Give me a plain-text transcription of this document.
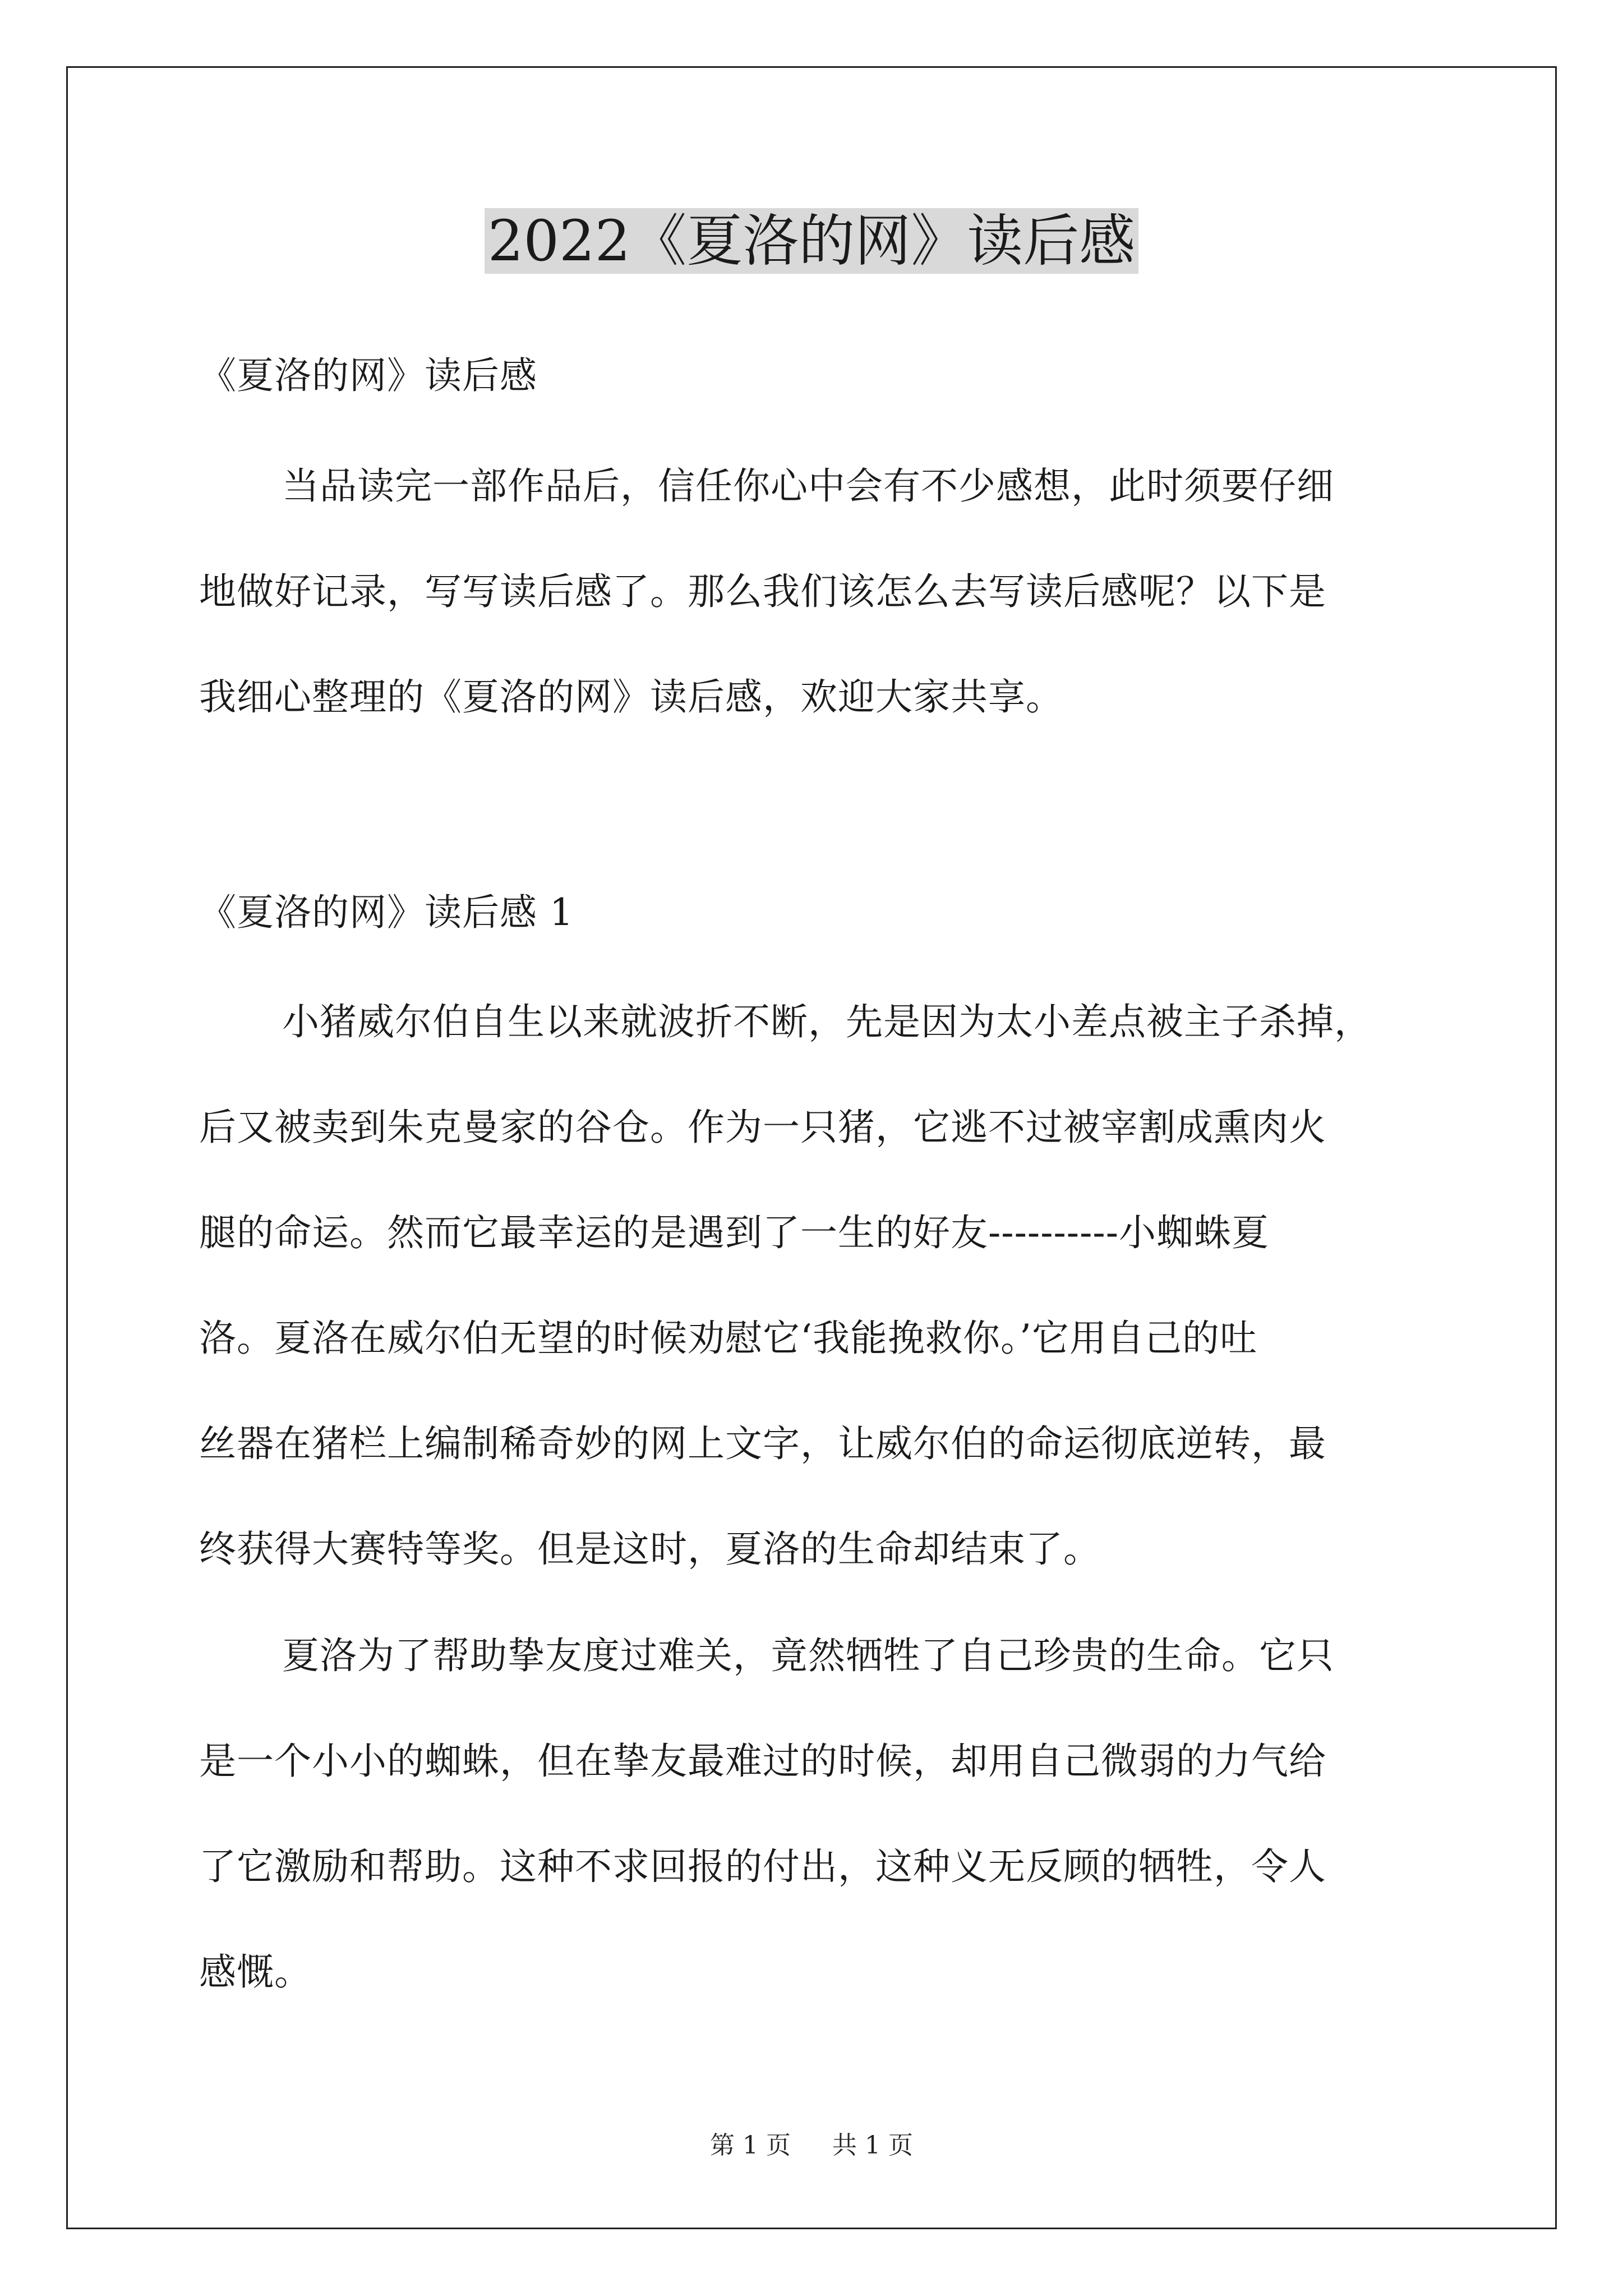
2022《夏洛的网》读后感
《夏洛的网》读后感
当品读完一部作品后，信任你心中会有不少感想，此时须要仔细
地做好记录，写写读后感了。那么我们该怎么去写读后感呢？以下是
我细心整理的《夏洛的网》读后感，欢迎大家共享。
《夏洛的网》读后感 1
小猪威尔伯自生以来就波折不断，先是因为太小差点被主子杀掉，
后又被卖到朱克曼家的谷仓。作为一只猪，它逃不过被宰割成熏肉火
腿的命运。然而它最幸运的是遇到了一生的好友----------小蜘蛛夏
洛。夏洛在威尔伯无望的时候劝慰它‘我能挽救你。’它用自己的吐
丝器在猪栏上编制稀奇妙的网上文字，让威尔伯的命运彻底逆转，最
终获得大赛特等奖。但是这时，夏洛的生命却结束了。
夏洛为了帮助挚友度过难关，竟然牺牲了自己珍贵的生命。它只
是一个小小的蜘蛛，但在挚友最难过的时候，却用自己微弱的力气给
了它激励和帮助。这种不求回报的付出，这种义无反顾的牺牲，令人
感慨。
第 1 页 共 1 页
